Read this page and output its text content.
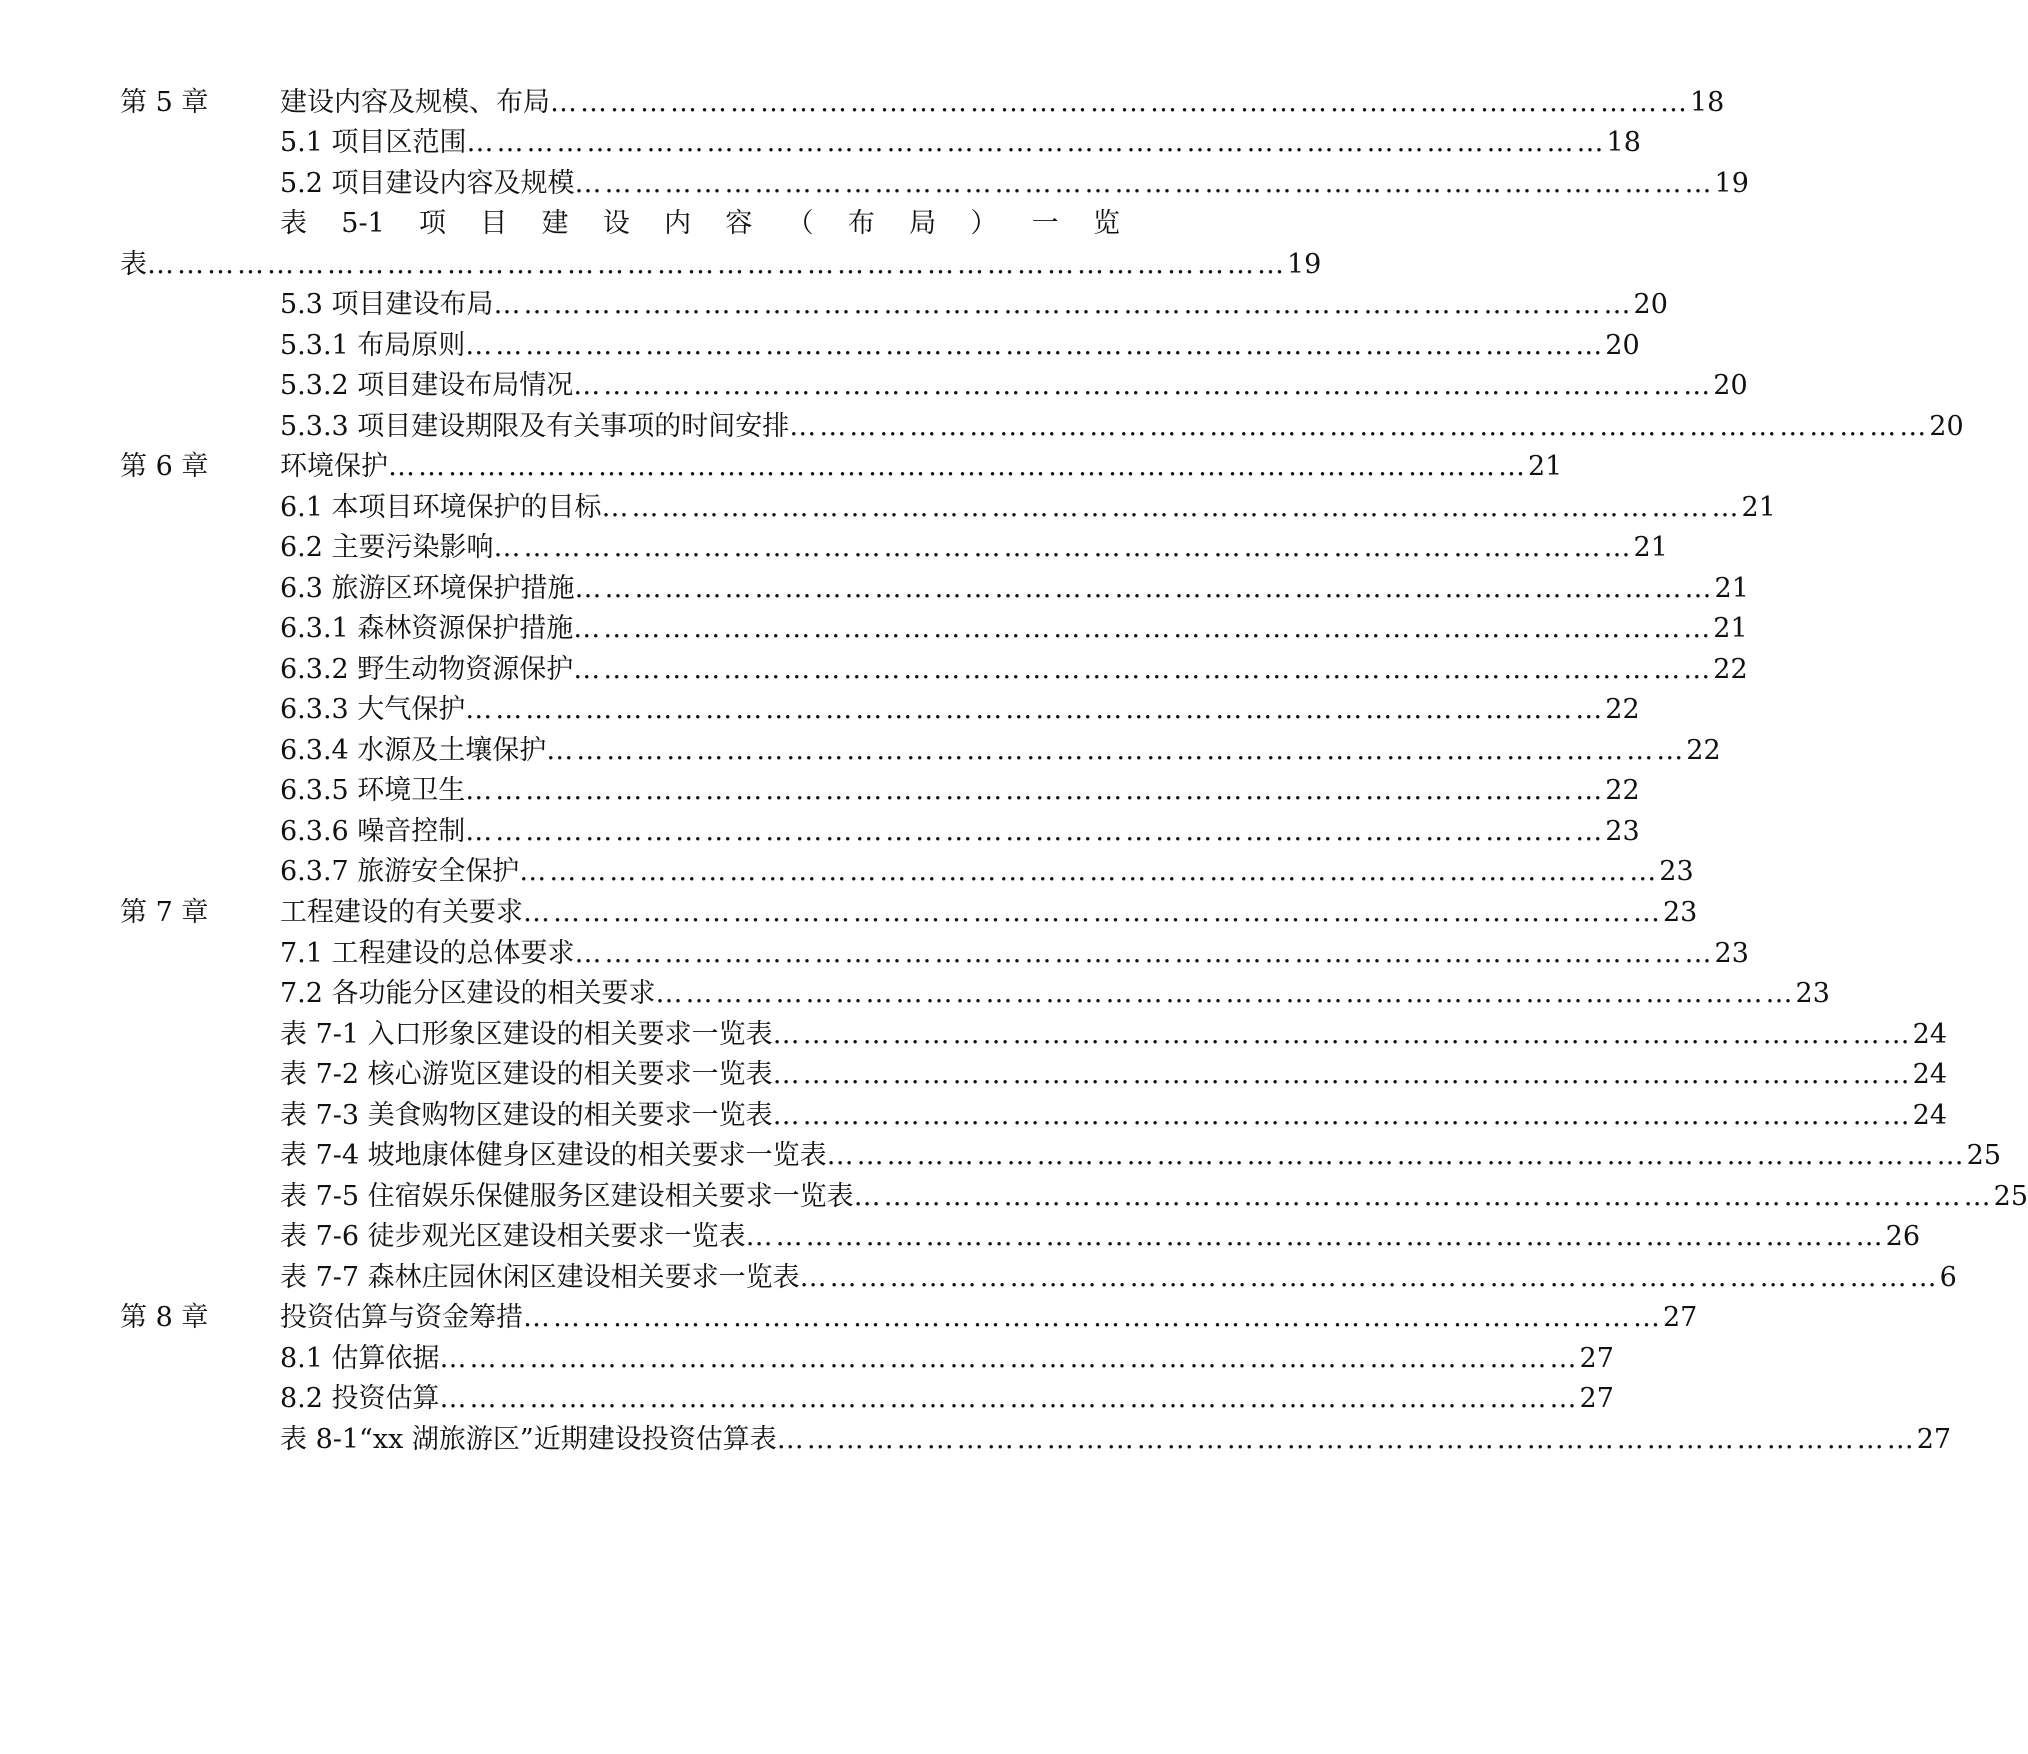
第 5 章	建设内容及规模、布局 …………………………………………………………………………………………………… 18
5.1 项目区范围 …………………………………………………………………………………………………… 18
5.2 项目建设内容及规模 …………………………………………………………………………………………………… 19
表 5-1 项 目 建 设 内 容 （ 布 局 ） 一 览
表 …………………………………………………………………………………………………… 19
5.3 项目建设布局 …………………………………………………………………………………………………… 20
5.3.1 布局原则 …………………………………………………………………………………………………… 20
5.3.2 项目建设布局情况 …………………………………………………………………………………………………… 20
5.3.3 项目建设期限及有关事项的时间安排 …………………………………………………………………………………………………… 20
第 6 章	环境保护 …………………………………………………………………………………………………… 21
6.1 本项目环境保护的目标 …………………………………………………………………………………………………… 21
6.2 主要污染影响 …………………………………………………………………………………………………… 21
6.3 旅游区环境保护措施 …………………………………………………………………………………………………… 21
6.3.1 森林资源保护措施 …………………………………………………………………………………………………… 21
6.3.2 野生动物资源保护 …………………………………………………………………………………………………… 22
6.3.3 大气保护 …………………………………………………………………………………………………… 22
6.3.4 水源及土壤保护 …………………………………………………………………………………………………… 22
6.3.5 环境卫生 …………………………………………………………………………………………………… 22
6.3.6 噪音控制 …………………………………………………………………………………………………… 23
6.3.7 旅游安全保护 …………………………………………………………………………………………………… 23
第 7 章	工程建设的有关要求 …………………………………………………………………………………………………… 23
7.1 工程建设的总体要求 …………………………………………………………………………………………………… 23
7.2 各功能分区建设的相关要求 …………………………………………………………………………………………………… 23
表 7-1 入口形象区建设的相关要求一览表 …………………………………………………………………………………………………… 24
表 7-2 核心游览区建设的相关要求一览表 …………………………………………………………………………………………………… 24
表 7-3 美食购物区建设的相关要求一览表 …………………………………………………………………………………………………… 24
表 7-4 坡地康体健身区建设的相关要求一览表 …………………………………………………………………………………………………… 25
表 7-5 住宿娱乐保健服务区建设相关要求一览表 …………………………………………………………………………………………………… 25
表 7-6 徒步观光区建设相关要求一览表 …………………………………………………………………………………………………… 26
表 7-7 森林庄园休闲区建设相关要求一览表 …………………………………………………………………………………………………… 6
第 8 章	投资估算与资金筹措 …………………………………………………………………………………………………… 27
8.1 估算依据 …………………………………………………………………………………………………… 27
8.2 投资估算 …………………………………………………………………………………………………… 27
表 8-1“xx 湖旅游区”近期建设投资估算表 …………………………………………………………………………………………………… 27
